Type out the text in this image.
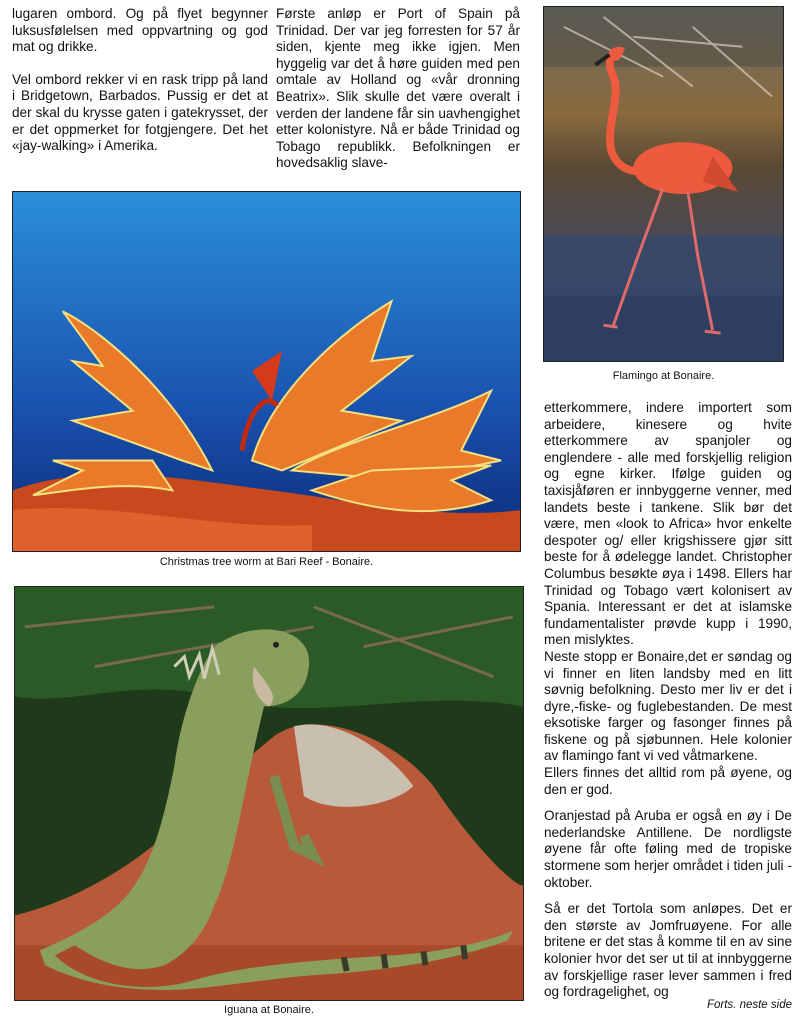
lugaren ombord. Og på flyet begynner luksusfølelsen med oppvartning og god mat og drikke.

Vel ombord rekker vi en rask tripp på land i Bridgetown, Barbados. Pussig er det at der skal du krysse gaten i gatekrysset, der er det oppmerket for fotgjengere. Det het «jay-walking» i Amerika.

Første anløp er Port of Spain på Trinidad. Der var jeg forresten for 57 år siden, kjente meg ikke igjen. Men hyggelig var det å høre guiden med pen omtale av Holland og «vår dronning Beatrix». Slik skulle det være overalt i verden der landene får sin uavhengighet etter kolonistyre. Nå er både Trinidad og Tobago republikk. Befolkningen er hovedsaklig slave-

Flamingo at Bonaire.
Christmas tree worm at Bari Reef - Bonaire.
Iguana at Bonaire.

etterkommere, indere importert som arbeidere, kinesere og hvite etterkommere av spanjoler og englendere - alle med forskjellig religion og egne kirker. Ifølge guiden og taxisjåføren er innbyggerne venner, med landets beste i tankene. Slik bør det være, men «look to Africa» hvor enkelte despoter og/ eller krigshissere gjør sitt beste for å ødelegge landet. Christopher Columbus besøkte øya i 1498. Ellers har Trinidad og Tobago vært kolonisert av Spania. Interessant er det at islamske fundamentalister prøvde kupp i 1990, men mislyktes.

Neste stopp er Bonaire,det er søndag og vi finner en liten landsby med en litt søvnig befolkning. Desto mer liv er det i dyre,-fiske- og fuglebestanden. De mest eksotiske farger og fasonger finnes på fiskene og på sjøbunnen. Hele kolonier av flamingo fant vi ved våtmarkene.

Ellers finnes det alltid rom på øyene, og den er god.

Oranjestad på Aruba er også en øy i De nederlandske Antillene. De nordligste øyene får ofte føling med de tropiske stormene som herjer området i tiden juli - oktober.

Så er det Tortola som anløpes. Det er den største av Jomfruøyene. For alle britene er det stas å komme til en av sine kolonier hvor det ser ut til at innbyggerne av forskjellige raser lever sammen i fred og fordragelighet, og

Forts. neste side
